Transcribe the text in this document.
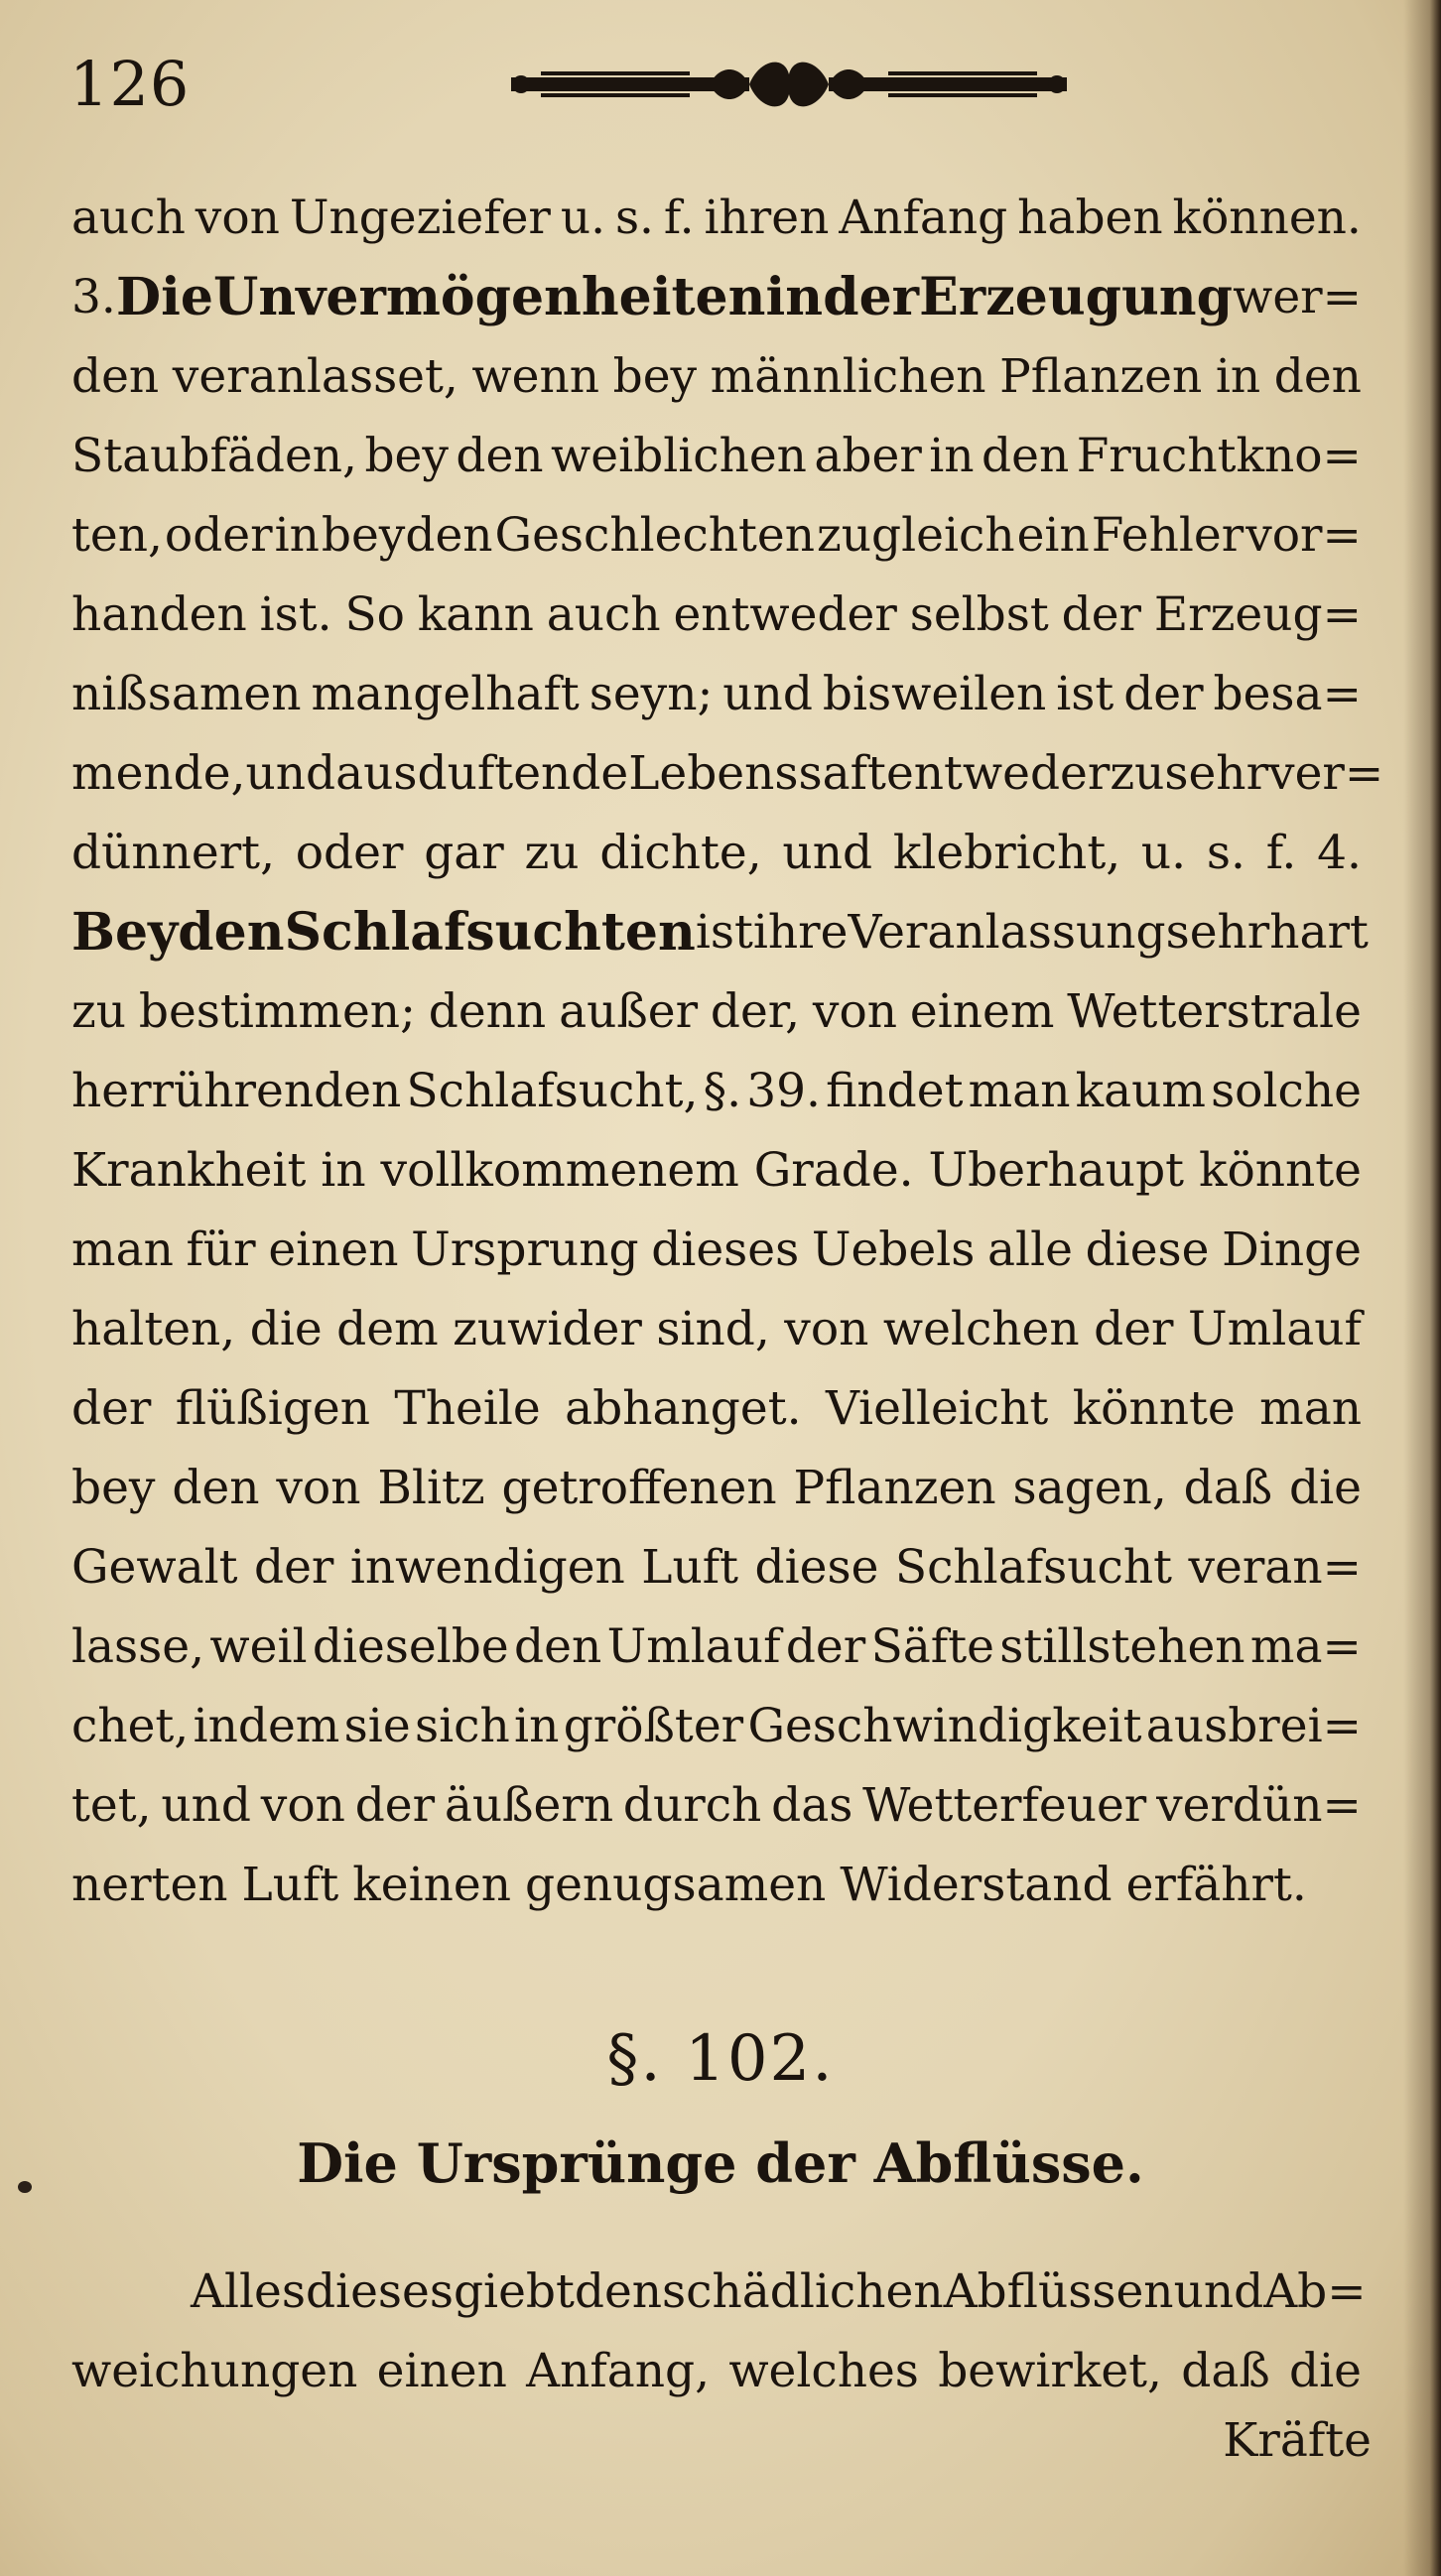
126
auch von Ungeziefer u. s. f. ihren Anfang haben können.
3. Die Unvermögenheiten in der Erzeugung wer=
den veranlasset, wenn bey männlichen Pflanzen in den
Staubfäden, bey den weiblichen aber in den Fruchtkno=
ten, oder in beyden Geschlechten zugleich ein Fehler vor=
handen ist. So kann auch entweder selbst der Erzeug=
nißsamen mangelhaft seyn; und bisweilen ist der besa=
mende, und ausduftende Lebenssaft entweder zu sehr ver=
dünnert, oder gar zu dichte, und klebricht, u. s. f. 4.
Bey den Schlafsuchten ist ihre Veranlassung sehr hart
zu bestimmen; denn außer der, von einem Wetterstrale
herrührenden Schlafsucht, §. 39. findet man kaum solche
Krankheit in vollkommenem Grade. Uberhaupt könnte
man für einen Ursprung dieses Uebels alle diese Dinge
halten, die dem zuwider sind, von welchen der Umlauf
der flüßigen Theile abhanget. Vielleicht könnte man
bey den von Blitz getroffenen Pflanzen sagen, daß die
Gewalt der inwendigen Luft diese Schlafsucht veran=
lasse, weil dieselbe den Umlauf der Säfte stillstehen ma=
chet, indem sie sich in größter Geschwindigkeit ausbrei=
tet, und von der äußern durch das Wetterfeuer verdün=
nerten Luft keinen genugsamen Widerstand erfährt.
§. 102.
Die Ursprünge der Abflüsse.
Alles dieses giebt den schädlichen Abflüssen und Ab=
weichungen einen Anfang, welches bewirket, daß die
Kräfte
